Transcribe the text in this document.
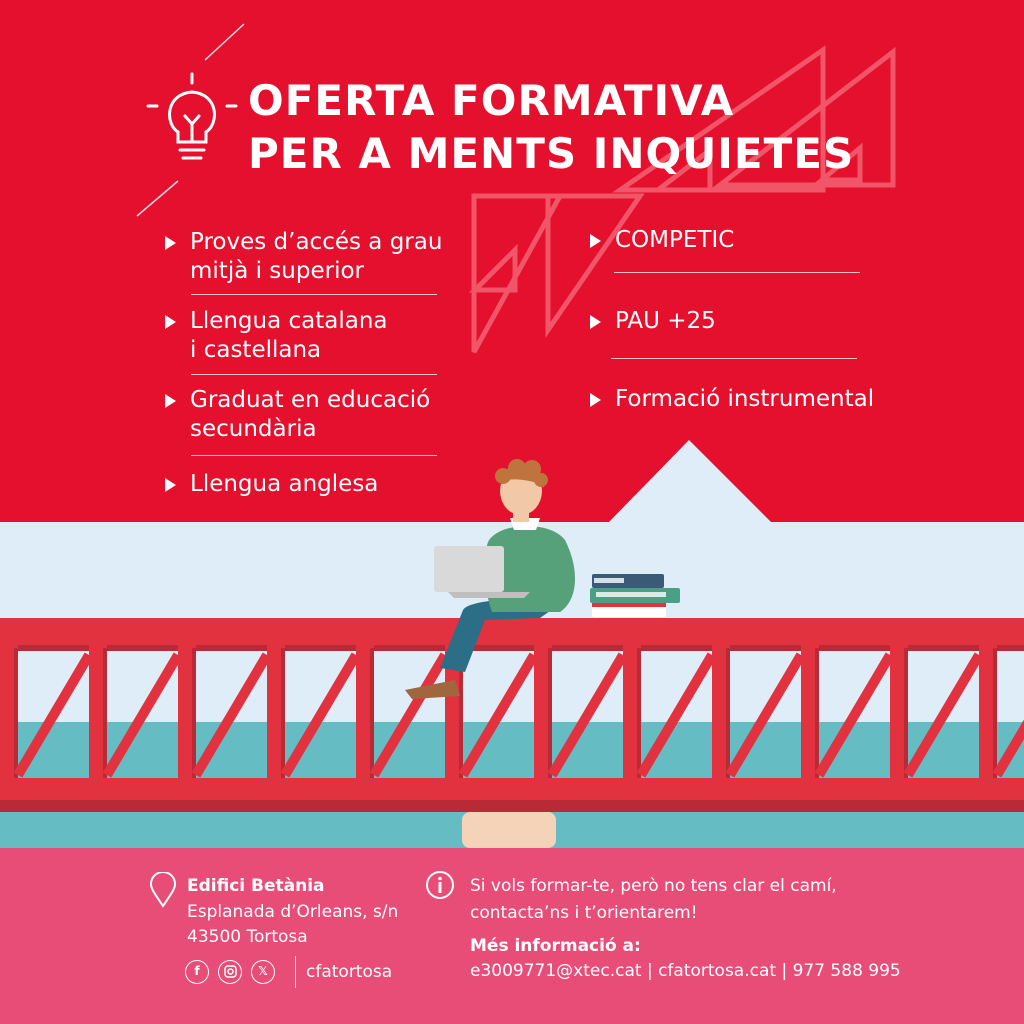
OFERTA FORMATIVA
PER A MENTS INQUIETES
Proves d’accés a grau
mitjà i superior
Llengua catalana
i castellana
Graduat en educació
secundària
Llengua anglesa
COMPETIC
PAU +25
Formació instrumental
Edifici Betània
Esplanada d’Orleans, s/n
43500 Tortosa
f	𝕏	cfatortosa
Si vols formar-te, però no tens clar el camí,
contacta’ns i t’orientarem!
Més informació a:
e3009771@xtec.cat | cfatortosa.cat | 977 588 995
